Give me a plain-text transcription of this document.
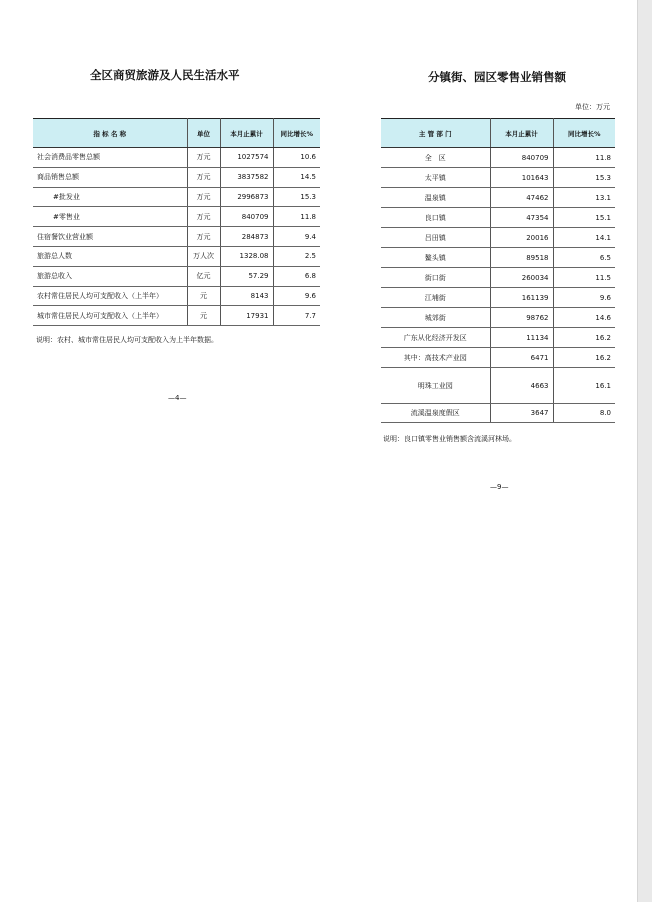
全区商贸旅游及人民生活水平
指 标 名 称	单位	本月止累计	同比增长%
社会消费品零售总额	万元	1027574	10.6
商品销售总额	万元	3837582	14.5
#批发业	万元	2996873	15.3
#零售业	万元	840709	11.8
住宿餐饮业营业额	万元	284873	9.4
旅游总人数	万人次	1328.08	2.5
旅游总收入	亿元	57.29	6.8
农村常住居民人均可支配收入（上半年）	元	8143	9.6
城市常住居民人均可支配收入（上半年）	元	17931	7.7
说明：农村、城市常住居民人均可支配收入为上半年数据。
—4—
分镇街、园区零售业销售额
单位：万元
主 管 部 门	本月止累计	同比增长%
全　区	840709	11.8
太平镇	101643	15.3
温泉镇	47462	13.1
良口镇	47354	15.1
吕田镇	20016	14.1
鳌头镇	89518	6.5
街口街	260034	11.5
江埔街	161139	9.6
城郊街	98762	14.6
广东从化经济开发区	11134	16.2
其中：高技术产业园	6471	16.2
明珠工业园	4663	16.1
流溪温泉度假区	3647	8.0
说明：良口镇零售业销售额含流溪河林场。
—9—
